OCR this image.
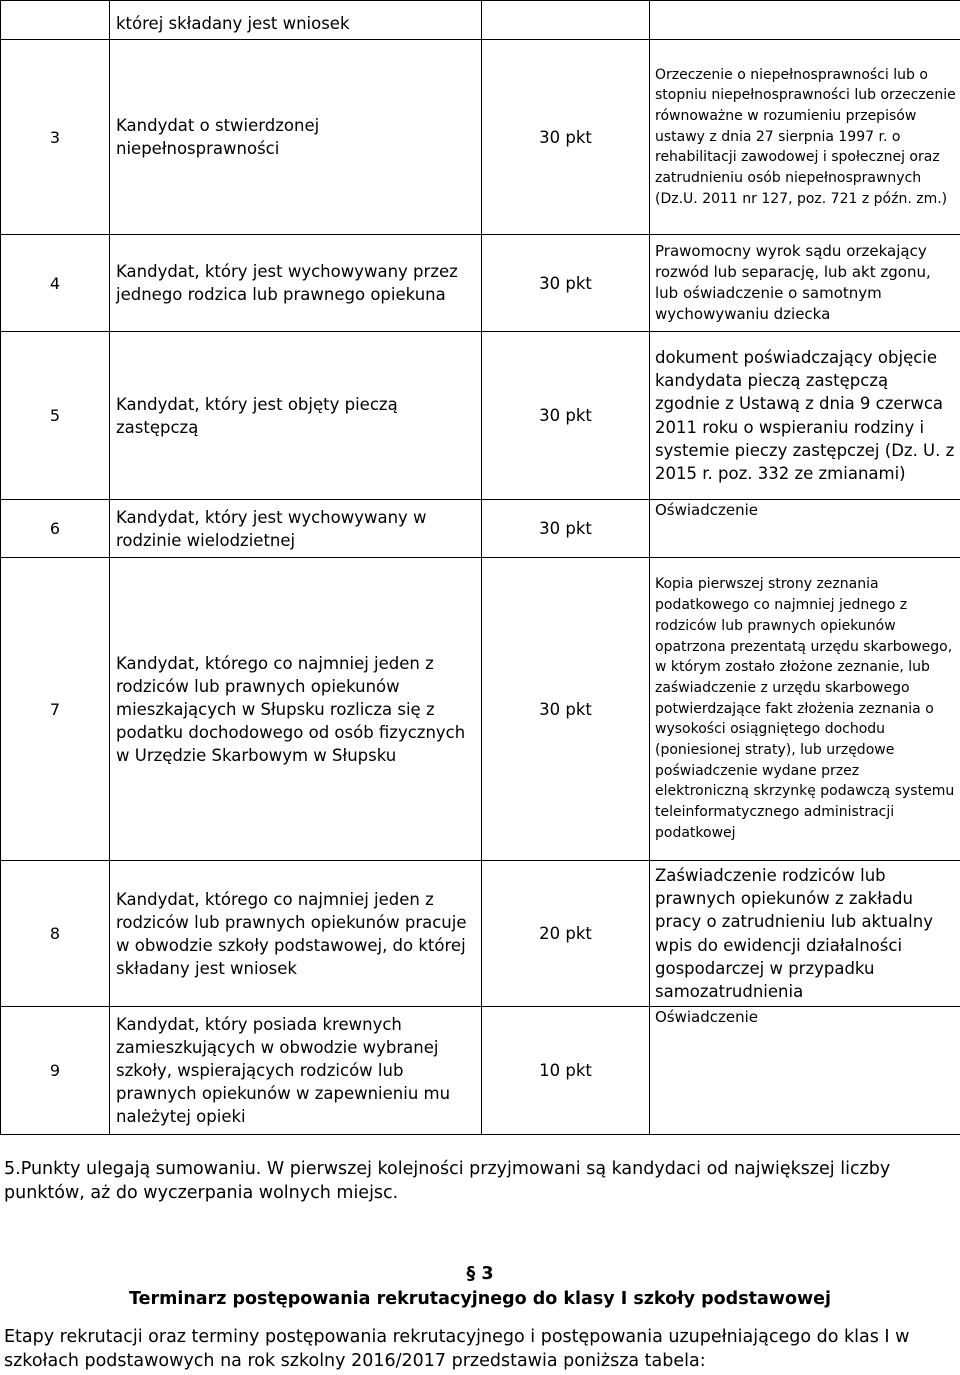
	której składany jest wniosek		
3	Kandydat o stwierdzonej niepełnosprawności	30 pkt	Orzeczenie o niepełnosprawności lub o stopniu niepełnosprawności lub orzeczenie równoważne w rozumieniu przepisów ustawy z dnia 27 sierpnia 1997 r. o rehabilitacji zawodowej i społecznej oraz zatrudnieniu osób niepełnosprawnych (Dz.U. 2011 nr 127, poz. 721 z późn. zm.)
4	Kandydat, który jest wychowywany przez jednego rodzica lub prawnego opiekuna	30 pkt	Prawomocny wyrok sądu orzekający rozwód lub separację, lub akt zgonu, lub oświadczenie o samotnym wychowywaniu dziecka
5	Kandydat, który jest objęty pieczą zastępczą	30 pkt	dokument poświadczający objęcie kandydata pieczą zastępczą zgodnie z Ustawą z dnia 9 czerwca 2011 roku o wspieraniu rodziny i systemie pieczy zastępczej (Dz. U. z 2015 r. poz. 332 ze zmianami)
6	Kandydat, który jest wychowywany w rodzinie wielodzietnej	30 pkt	Oświadczenie
7	Kandydat, którego co najmniej jeden z rodziców lub prawnych opiekunów mieszkających w Słupsku rozlicza się z podatku dochodowego od osób fizycznych w Urzędzie Skarbowym w Słupsku	30 pkt	Kopia pierwszej strony zeznania podatkowego co najmniej jednego z rodziców lub prawnych opiekunów opatrzona prezentatą urzędu skarbowego, w którym zostało złożone zeznanie, lub zaświadczenie z urzędu skarbowego potwierdzające fakt złożenia zeznania o wysokości osiągniętego dochodu (poniesionej straty), lub urzędowe poświadczenie wydane przez elektroniczną skrzynkę podawczą systemu teleinformatycznego administracji podatkowej
8	Kandydat, którego co najmniej jeden z rodziców lub prawnych opiekunów pracuje w obwodzie szkoły podstawowej, do której składany jest wniosek	20 pkt	Zaświadczenie rodziców lub prawnych opiekunów z zakładu pracy o zatrudnieniu lub aktualny wpis do ewidencji działalności gospodarczej w przypadku samozatrudnienia
9	Kandydat, który posiada krewnych zamieszkujących w obwodzie wybranej szkoły, wspierających rodziców lub prawnych opiekunów w zapewnieniu mu należytej opieki	10 pkt	Oświadczenie
5.Punkty ulegają sumowaniu. W pierwszej kolejności przyjmowani są kandydaci od największej liczby punktów, aż do wyczerpania wolnych miejsc.
§ 3
Terminarz postępowania rekrutacyjnego do klasy I szkoły podstawowej
Etapy rekrutacji oraz terminy postępowania rekrutacyjnego i postępowania uzupełniającego do klas I w szkołach podstawowych na rok szkolny 2016/2017 przedstawia poniższa tabela:
